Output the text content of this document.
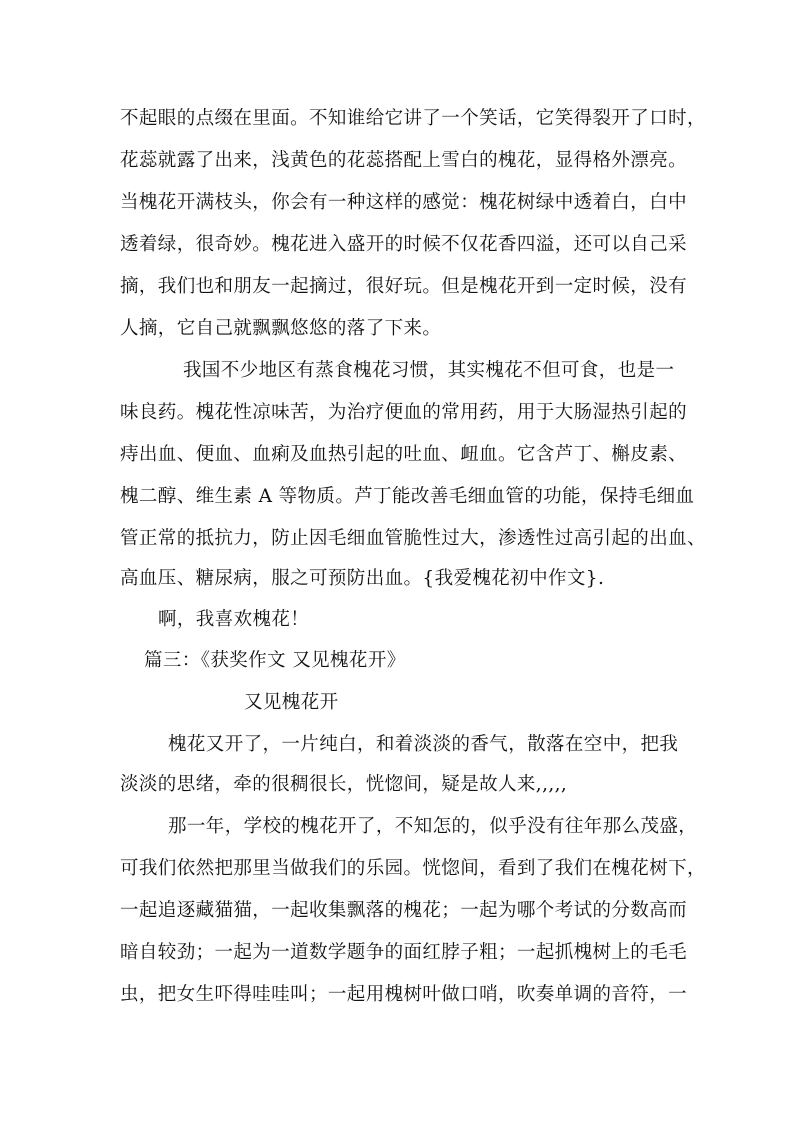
不起眼的点缀在里面。不知谁给它讲了一个笑话，它笑得裂开了口时，
花蕊就露了出来，浅黄色的花蕊搭配上雪白的槐花，显得格外漂亮。
当槐花开满枝头，你会有一种这样的感觉：槐花树绿中透着白，白中
透着绿，很奇妙。槐花进入盛开的时候不仅花香四溢，还可以自己采
摘，我们也和朋友一起摘过，很好玩。但是槐花开到一定时候，没有
人摘，它自己就飘飘悠悠的落了下来。
我国不少地区有蒸食槐花习惯，其实槐花不但可食，也是一
味良药。槐花性凉味苦，为治疗便血的常用药，用于大肠湿热引起的
痔出血、便血、血痢及血热引起的吐血、衄血。它含芦丁、槲皮素、
槐二醇、维生素 A 等物质。芦丁能改善毛细血管的功能，保持毛细血
管正常的抵抗力，防止因毛细血管脆性过大，渗透性过高引起的出血、
高血压、糖尿病，服之可预防出血。{我爱槐花初中作文}.
啊，我喜欢槐花！
篇三：《获奖作文 又见槐花开》
又见槐花开
槐花又开了，一片纯白，和着淡淡的香气，散落在空中，把我
淡淡的思绪，牵的很稠很长，恍惚间，疑是故人来,,,,,
那一年，学校的槐花开了，不知怎的，似乎没有往年那么茂盛，
可我们依然把那里当做我们的乐园。恍惚间，看到了我们在槐花树下，
一起追逐藏猫猫，一起收集飘落的槐花；一起为哪个考试的分数高而
暗自较劲；一起为一道数学题争的面红脖子粗；一起抓槐树上的毛毛
虫，把女生吓得哇哇叫；一起用槐树叶做口哨，吹奏单调的音符，一
